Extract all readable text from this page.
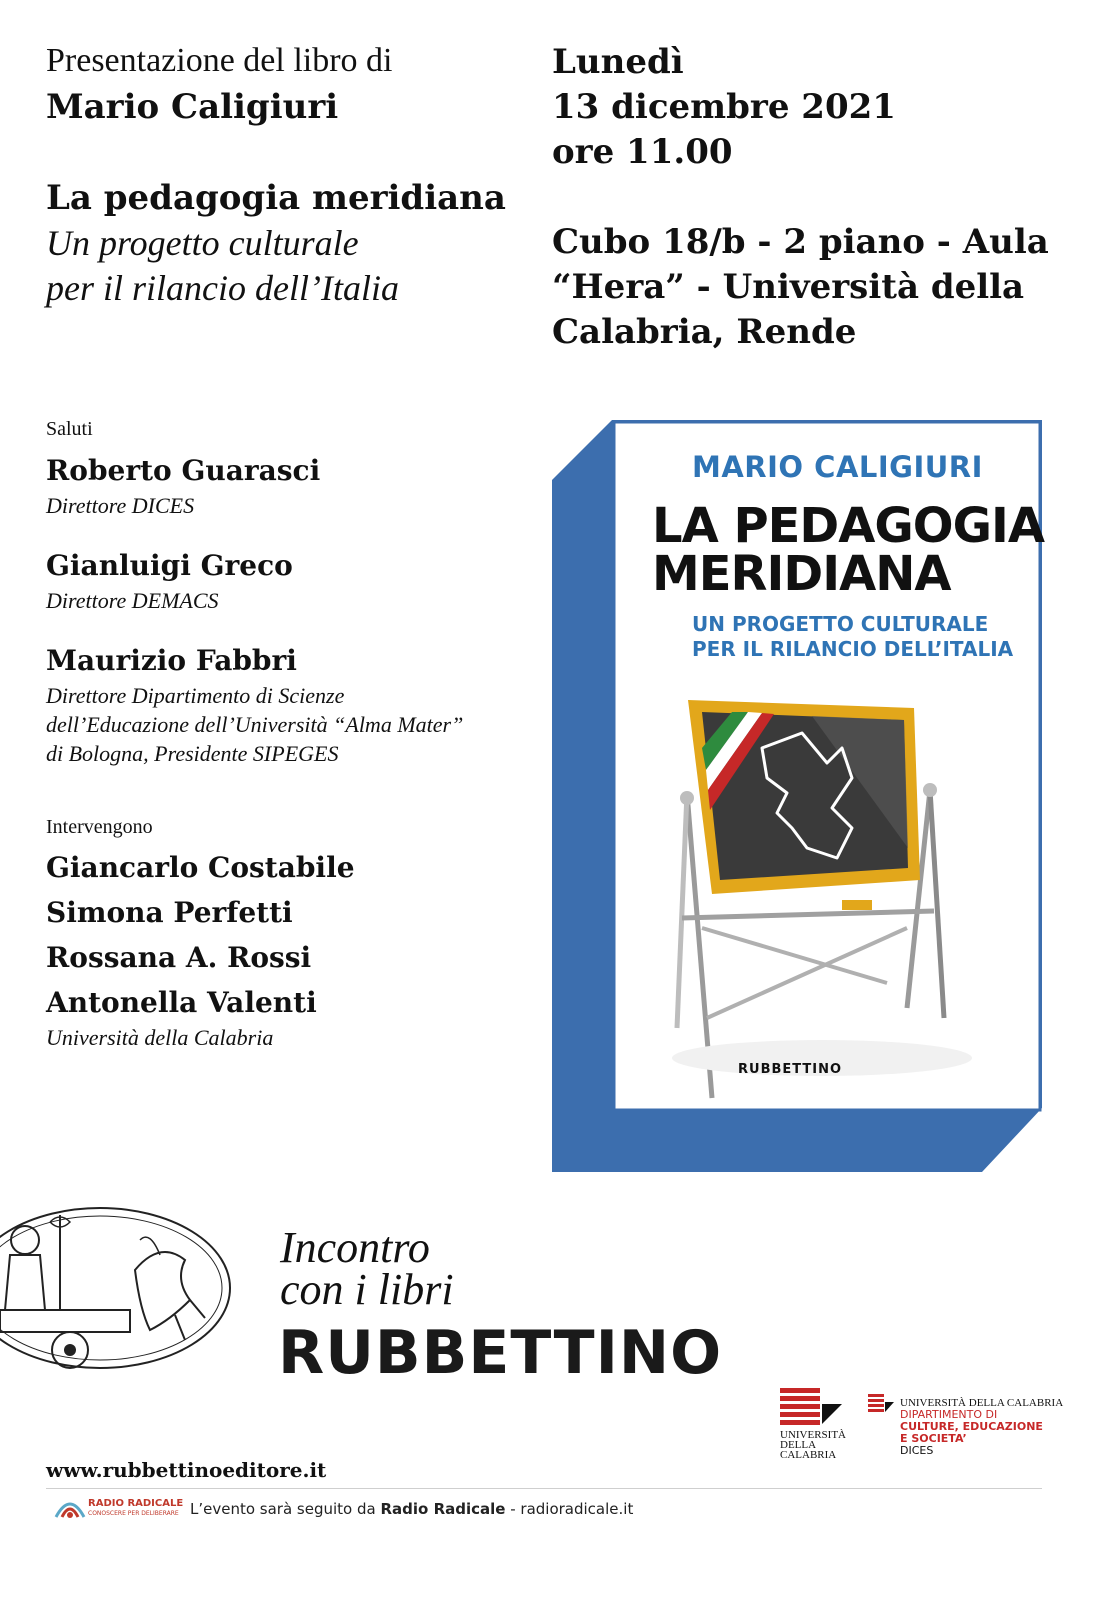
Presentazione del libro di
Mario Caligiuri
La pedagogia meridiana
Un progetto culturale
per il rilancio dell’Italia
Lunedì
13 dicembre 2021
ore 11.00
Cubo 18/b - 2 piano - Aula
“Hera” - Università della
Calabria, Rende
Saluti
Roberto Guarasci
Direttore DICES
Gianluigi Greco
Direttore DEMACS
Maurizio Fabbri
Direttore Dipartimento di Scienze
dell’Educazione dell’Università “Alma Mater”
di Bologna, Presidente SIPEGES
Intervengono
Giancarlo Costabile
Simona Perfetti
Rossana A. Rossi
Antonella Valenti
Università della Calabria
MARIO CALIGIURI
LA PEDAGOGIA
MERIDIANA
UN PROGETTO CULTURALE
PER IL RILANCIO DELL’ITALIA
RUBBETTINO
Incontro
con i libri
RUBBETTINO
UNIVERSITÀ
DELLA
CALABRIA
UNIVERSITÀ DELLA CALABRIA
DIPARTIMENTO DI
CULTURE, EDUCAZIONE
E SOCIETA’
DICES
www.rubbettinoeditore.it
RADIO RADICALE
CONOSCERE PER DELIBERARE L’evento sarà seguito da Radio Radicale - radioradicale.it
